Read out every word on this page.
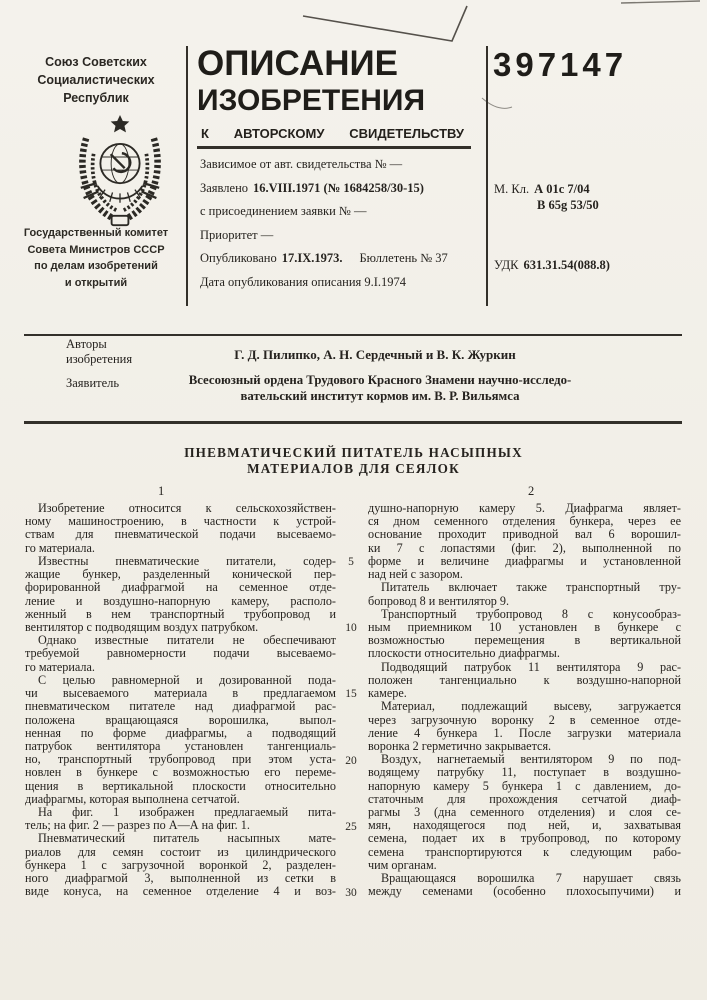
Союз Советских
Социалистических
Республик
Государственный комитет
Совета Министров СССР
по делам изобретений
и открытий
ОПИСАНИЕ
ИЗОБРЕТЕНИЯ
К АВТОРСКОМУ СВИДЕТЕЛЬСТВУ
397147
Зависимое от авт. свидетельства № —
Заявлено 16.VIII.1971 (№ 1684258/30-15)
с присоединением заявки № —
Приоритет —
Опубликовано 17.IX.1973. Бюллетень № 37
Дата опубликования описания 9.I.1974
М. Кл. А 01с 7/04
В 65g 53/50
УДК 631.31.54(088.8)
Авторы
изобретения	Г. Д. Пилипко, А. Н. Сердечный и В. К. Журкин
Заявитель	Всесоюзный ордена Трудового Красного Знамени научно-исследо-
вательский институт кормов им. В. Р. Вильямса
ПНЕВМАТИЧЕСКИЙ ПИТАТЕЛЬ НАСЫПНЫХ
МАТЕРИАЛОВ ДЛЯ СЕЯЛОК
1	2
Изобретение относится к сельскохозяйствен-
ному машиностроению, в частности к устрой-
ствам для пневматической подачи высеваемо-
го материала.
Известны пневматические питатели, содер-
жащие бункер, разделенный конической пер-
форированной диафрагмой на семенное отде-
ление и воздушно-напорную камеру, располо-
женный в нем транспортный трубопровод и
вентилятор с подводящим воздух патрубком.
Однако известные питатели не обеспечивают
требуемой равномерности подачи высеваемо-
го материала.
С целью равномерной и дозированной пода-
чи высеваемого материала в предлагаемом
пневматическом питателе над диафрагмой рас-
положена вращающаяся ворошилка, выпол-
ненная по форме диафрагмы, а подводящий
патрубок вентилятора установлен тангенциаль-
но, транспортный трубопровод при этом уста-
новлен в бункере с возможностью его переме-
щения в вертикальной плоскости относительно
диафрагмы, которая выполнена сетчатой.
На фиг. 1 изображен предлагаемый пита-
тель; на фиг. 2 — разрез по А—А на фиг. 1.
Пневматический питатель насыпных мате-
риалов для семян состоит из цилиндрического
бункера 1 с загрузочной воронкой 2, разделен-
ного диафрагмой 3, выполненной из сетки в
виде конуса, на семенное отделение 4 и воз-
5
10
15
20
25
30
душно-напорную камеру 5. Диафрагма являет-
ся дном семенного отделения бункера, через ее
основание проходит приводной вал 6 ворошил-
ки 7 с лопастями (фиг. 2), выполненной по
форме и величине диафрагмы и установленной
над ней с зазором.
Питатель включает также транспортный тру-
бопровод 8 и вентилятор 9.
Транспортный трубопровод 8 с конусообраз-
ным приемником 10 установлен в бункере с
возможностью перемещения в вертикальной
плоскости относительно диафрагмы.
Подводящий патрубок 11 вентилятора 9 рас-
положен тангенциально к воздушно-напорной
камере.
Материал, подлежащий высеву, загружается
через загрузочную воронку 2 в семенное отде-
ление 4 бункера 1. После загрузки материала
воронка 2 герметично закрывается.
Воздух, нагнетаемый вентилятором 9 по под-
водящему патрубку 11, поступает в воздушно-
напорную камеру 5 бункера 1 с давлением, до-
статочным для прохождения сетчатой диаф-
рагмы 3 (дна семенного отделения) и слоя се-
мян, находящегося под ней, и, захватывая
семена, подает их в трубопровод, по которому
семена транспортируются к следующим рабо-
чим органам.
Вращающаяся ворошилка 7 нарушает связь
между семенами (особенно плохосыпучими) и
